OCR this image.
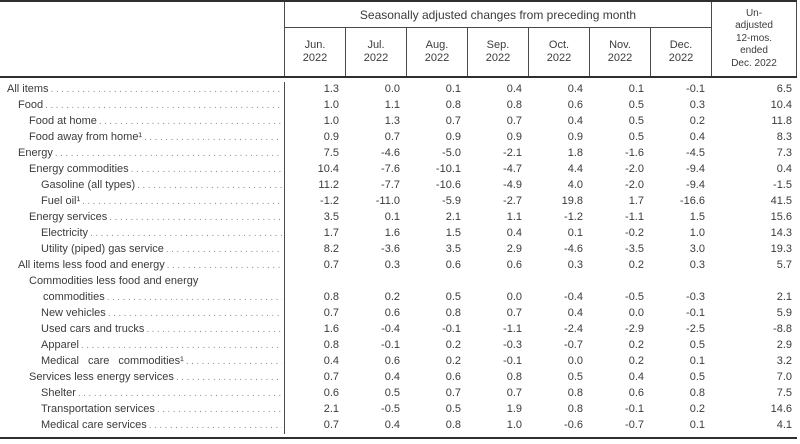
Seasonally adjusted changes from preceding month
Jun.
2022
Jul.
2022
Aug.
2022
Sep.
2022
Oct.
2022
Nov.
2022
Dec.
2022
Un-
adjusted
12-mos.
ended
Dec. 2022
All items .....	1.3	0.0	0.1	0.4	0.4	0.1	-0.1	6.5
Food .....	1.0	1.1	0.8	0.8	0.6	0.5	0.3	10.4
Food at home .....	1.0	1.3	0.7	0.7	0.4	0.5	0.2	11.8
Food away from home¹ .....	0.9	0.7	0.9	0.9	0.9	0.5	0.4	8.3
Energy .....	7.5	-4.6	-5.0	-2.1	1.8	-1.6	-4.5	7.3
Energy commodities .....	10.4	-7.6	-10.1	-4.7	4.4	-2.0	-9.4	0.4
Gasoline (all types) .....	11.2	-7.7	-10.6	-4.9	4.0	-2.0	-9.4	-1.5
Fuel oil¹ .....	-1.2	-11.0	-5.9	-2.7	19.8	1.7	-16.6	41.5
Energy services .....	3.5	0.1	2.1	1.1	-1.2	-1.1	1.5	15.6
Electricity .....	1.7	1.6	1.5	0.4	0.1	-0.2	1.0	14.3
Utility (piped) gas service .....	8.2	-3.6	3.5	2.9	-4.6	-3.5	3.0	19.3
All items less food and energy .....	0.7	0.3	0.6	0.6	0.3	0.2	0.3	5.7
Commodities less food and energy
commodities .....	0.8	0.2	0.5	0.0	-0.4	-0.5	-0.3	2.1
New vehicles .....	0.7	0.6	0.8	0.7	0.4	0.0	-0.1	5.9
Used cars and trucks .....	1.6	-0.4	-0.1	-1.1	-2.4	-2.9	-2.5	-8.8
Apparel .....	0.8	-0.1	0.2	-0.3	-0.7	0.2	0.5	2.9
Medical care commodities¹ .....	0.4	0.6	0.2	-0.1	0.0	0.2	0.1	3.2
Services less energy services .....	0.7	0.4	0.6	0.8	0.5	0.4	0.5	7.0
Shelter .....	0.6	0.5	0.7	0.7	0.8	0.6	0.8	7.5
Transportation services .....	2.1	-0.5	0.5	1.9	0.8	-0.1	0.2	14.6
Medical care services .....	0.7	0.4	0.8	1.0	-0.6	-0.7	0.1	4.1
